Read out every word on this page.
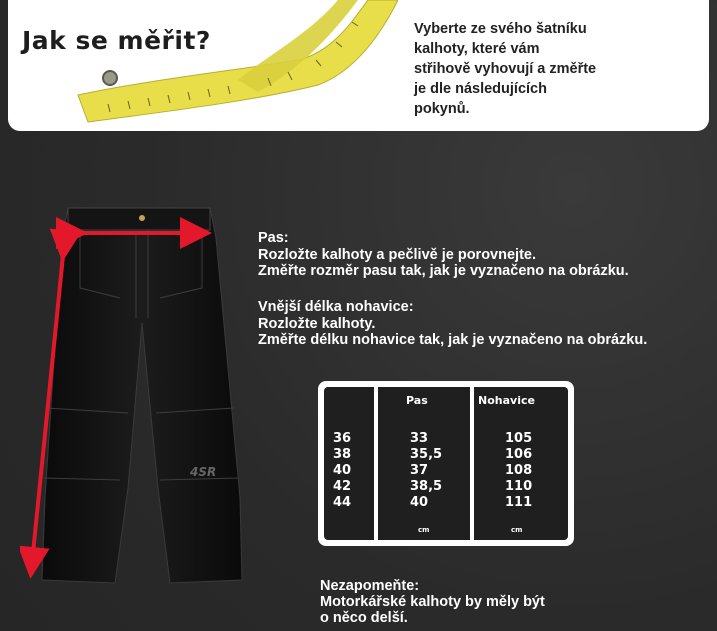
Jak se měřit?	Vyberte ze svého šatníku
kalhoty, které vám
střihově vyhovují a změřte
je dle následujících
pokynů.
4SR
Pas:
Rozložte kalhoty a pečlivě je porovnejte.
Změřte rozměr pasu tak, jak je vyznačeno na obrázku.
Vnější délka nohavice:
Rozložte kalhoty.
Změřte délku nohavice tak, jak je vyznačeno na obrázku.
36
38
40
42
44
Pas
33
35,5
37
38,5
40
cm
Nohavice
105
106
108
110
111
cm
Nezapomeňte:
Motorkářské kalhoty by měly být
o něco delší.
